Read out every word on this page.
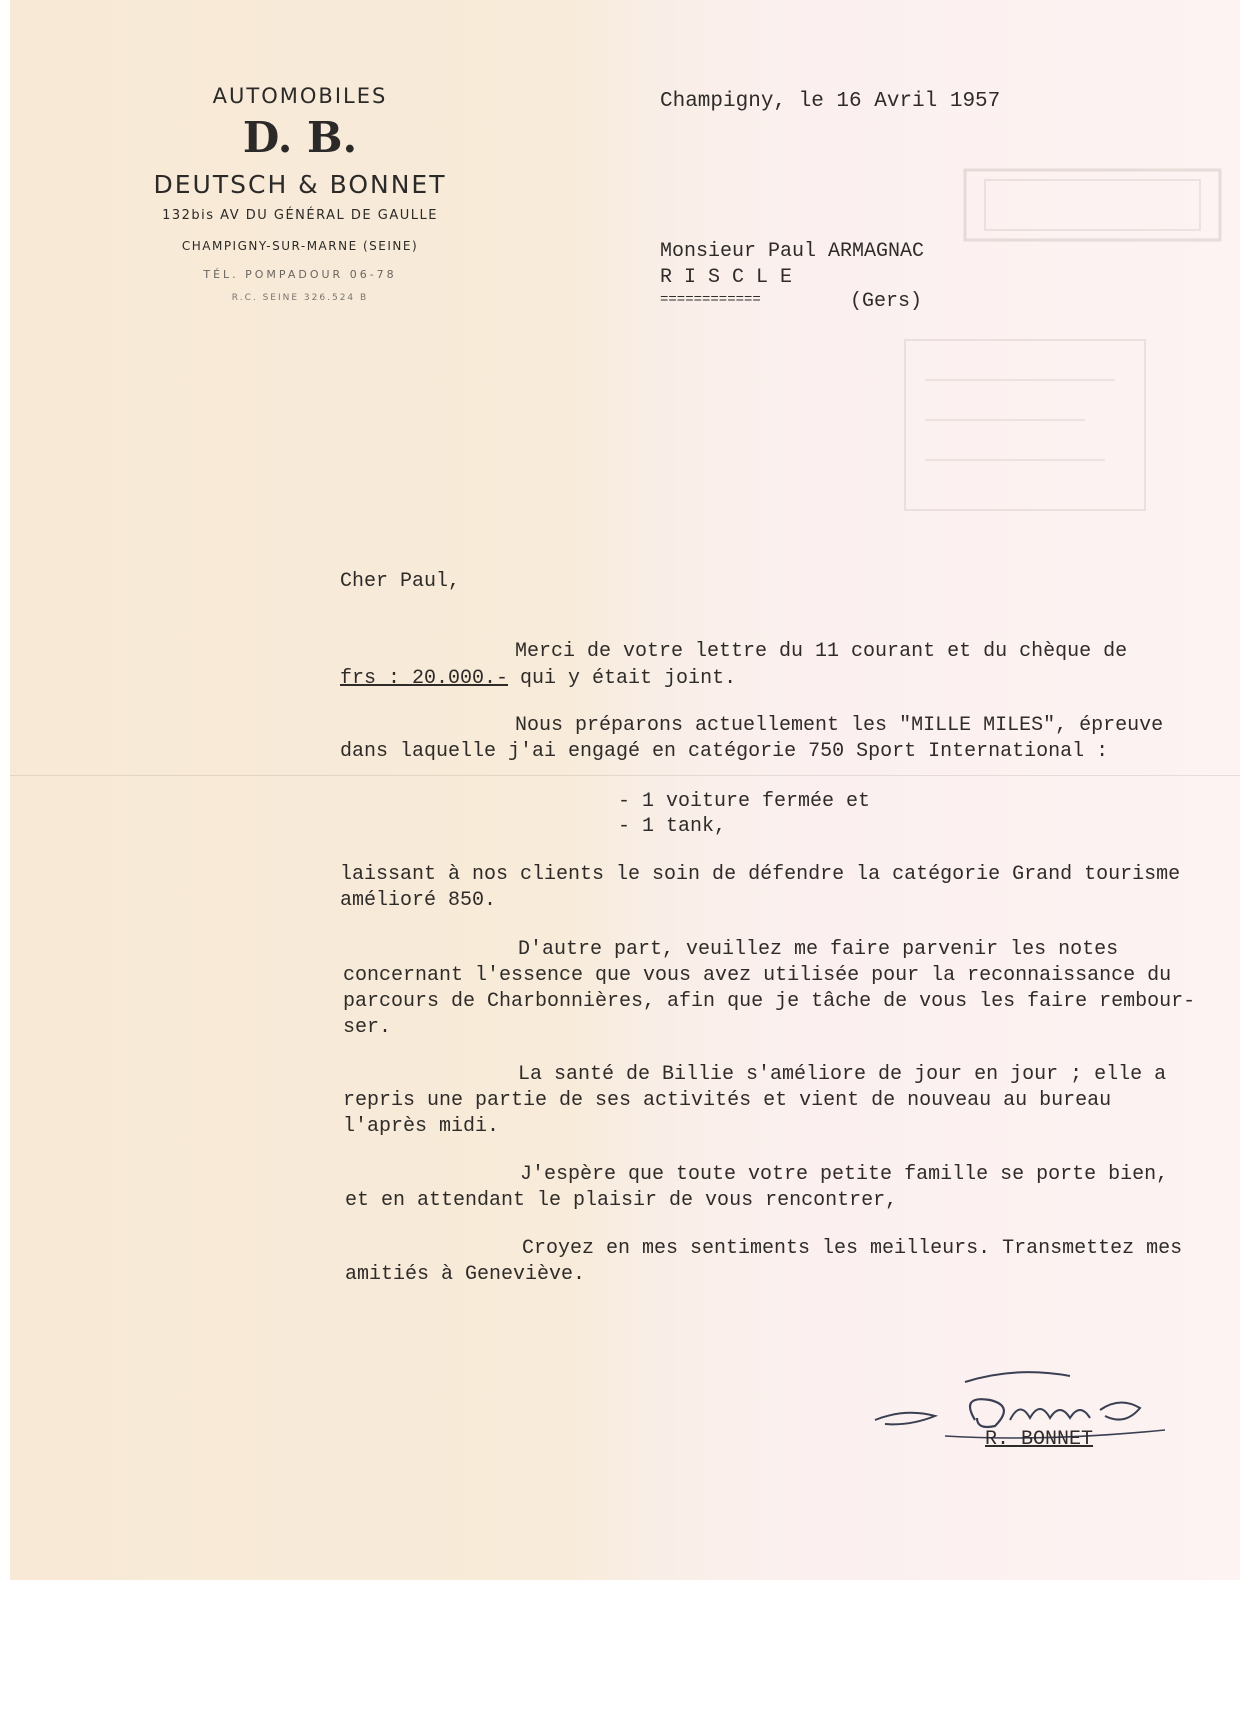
AUTOMOBILES
D. B.
DEUTSCH & BONNET
132bis AV DU GÉNÉRAL DE GAULLE
CHAMPIGNY-SUR-MARNE (SEINE)
TÉL. POMPADOUR 06-78
R.C. SEINE 326.524 B
Champigny, le 16 Avril 1957
Monsieur Paul ARMAGNAC
R I S C L E
============	(Gers)
Cher Paul,
Merci de votre lettre du 11 courant et du chèque de
frs : 20.000.- qui y était joint.
Nous préparons actuellement les "MILLE MILES", épreuve
dans laquelle j'ai engagé en catégorie 750 Sport International :
- 1 voiture fermée et
- 1 tank,
laissant à nos clients le soin de défendre la catégorie Grand tourisme
amélioré 850.
D'autre part, veuillez me faire parvenir les notes
concernant l'essence que vous avez utilisée pour la reconnaissance du
parcours de Charbonnières, afin que je tâche de vous les faire rembour-
ser.
La santé de Billie s'améliore de jour en jour ; elle a
repris une partie de ses activités et vient de nouveau au bureau
l'après midi.
J'espère que toute votre petite famille se porte bien,
et en attendant le plaisir de vous rencontrer,
Croyez en mes sentiments les meilleurs. Transmettez mes
amitiés à Geneviève.
R. BONNET
